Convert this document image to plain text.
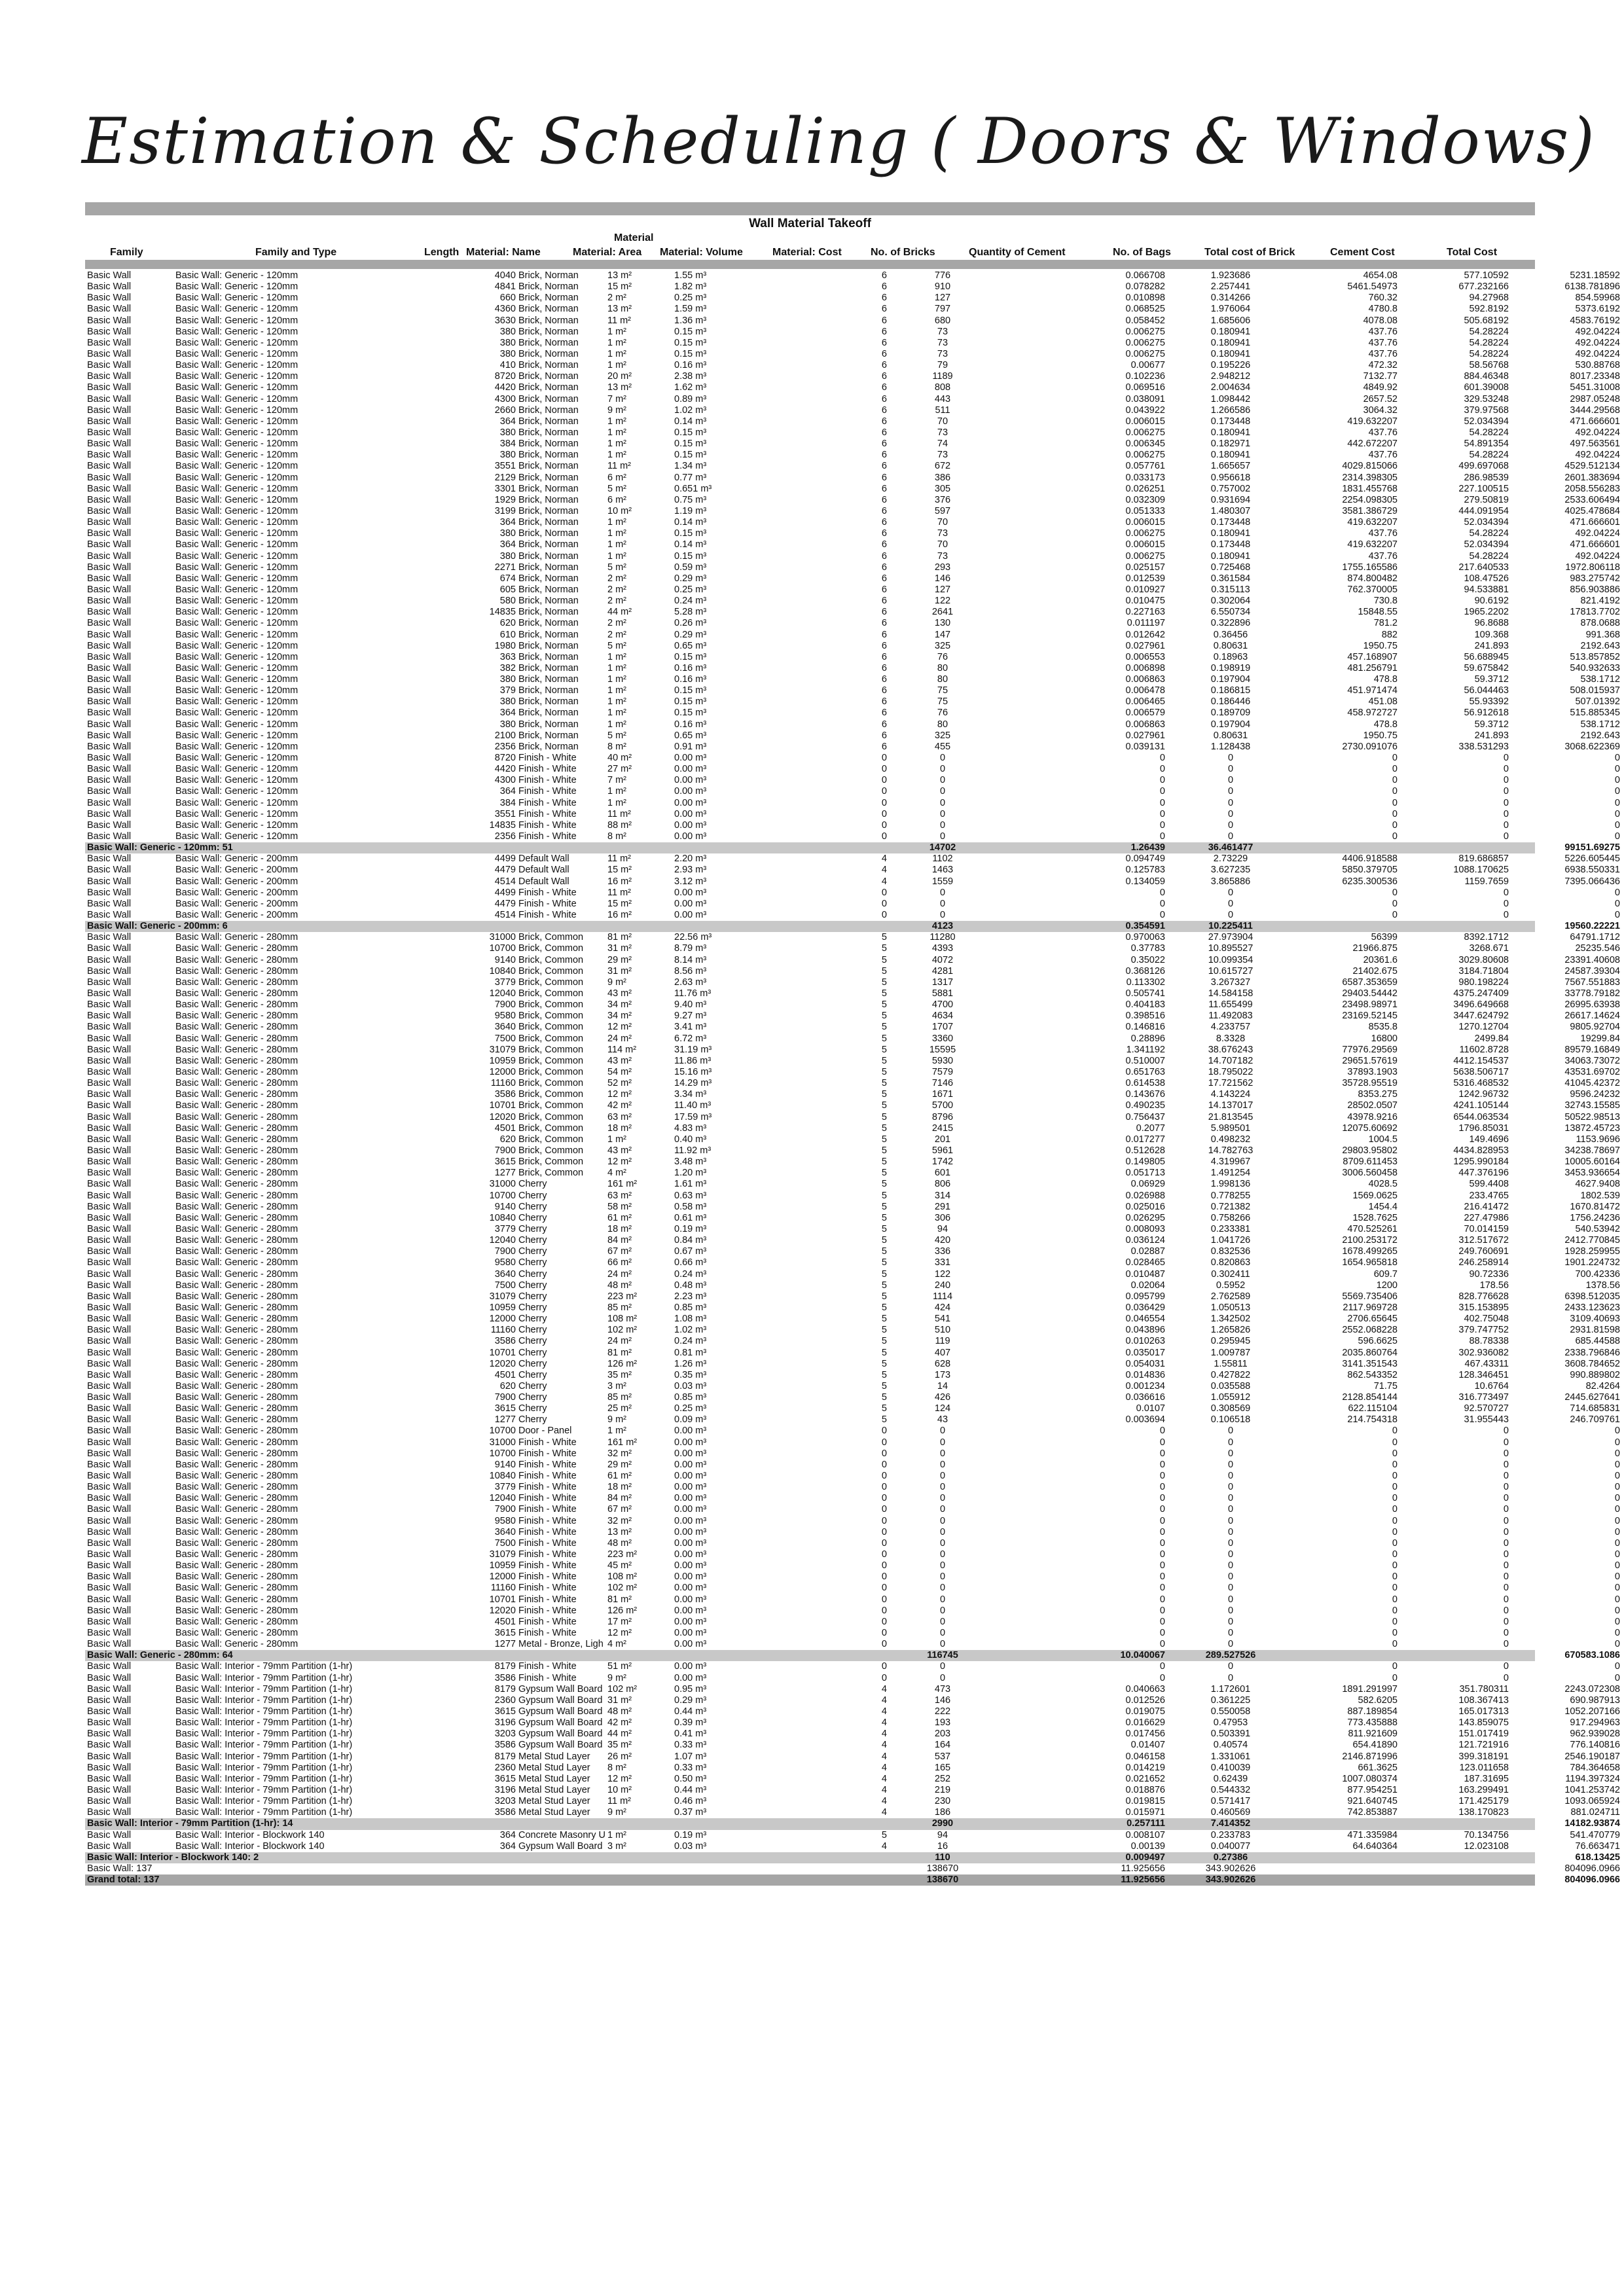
Estimation & Scheduling ( Doors & Windows)
Wall Material Takeoff
Material
Family	Family and Type	Length Material: Name	Material: Area Material: Volume	Material: Cost	No. of Bricks	Quantity of Cement	No. of Bags	Total cost of Brick	Cement Cost	Total Cost
Basic Wall	Basic Wall: Generic - 120mm	4040 Brick, Norman	13 m²	1.55 m³	6	776	0.066708	1.923686	4654.08	577.10592	5231.18592
Basic Wall	Basic Wall: Generic - 120mm	4841 Brick, Norman	15 m²	1.82 m³	6	910	0.078282	2.257441	5461.54973	677.232166	6138.781896
Basic Wall	Basic Wall: Generic - 120mm	660 Brick, Norman	2 m²	0.25 m³	6	127	0.010898	0.314266	760.32	94.27968	854.59968
Basic Wall	Basic Wall: Generic - 120mm	4360 Brick, Norman	13 m²	1.59 m³	6	797	0.068525	1.976064	4780.8	592.8192	5373.6192
Basic Wall	Basic Wall: Generic - 120mm	3630 Brick, Norman	11 m²	1.36 m³	6	680	0.058452	1.685606	4078.08	505.68192	4583.76192
Basic Wall	Basic Wall: Generic - 120mm	380 Brick, Norman	1 m²	0.15 m³	6	73	0.006275	0.180941	437.76	54.28224	492.04224
Basic Wall	Basic Wall: Generic - 120mm	380 Brick, Norman	1 m²	0.15 m³	6	73	0.006275	0.180941	437.76	54.28224	492.04224
Basic Wall	Basic Wall: Generic - 120mm	380 Brick, Norman	1 m²	0.15 m³	6	73	0.006275	0.180941	437.76	54.28224	492.04224
Basic Wall	Basic Wall: Generic - 120mm	410 Brick, Norman	1 m²	0.16 m³	6	79	0.00677	0.195226	472.32	58.56768	530.88768
Basic Wall	Basic Wall: Generic - 120mm	8720 Brick, Norman	20 m²	2.38 m³	6	1189	0.102236	2.948212	7132.77	884.46348	8017.23348
Basic Wall	Basic Wall: Generic - 120mm	4420 Brick, Norman	13 m²	1.62 m³	6	808	0.069516	2.004634	4849.92	601.39008	5451.31008
Basic Wall	Basic Wall: Generic - 120mm	4300 Brick, Norman	7 m²	0.89 m³	6	443	0.038091	1.098442	2657.52	329.53248	2987.05248
Basic Wall	Basic Wall: Generic - 120mm	2660 Brick, Norman	9 m²	1.02 m³	6	511	0.043922	1.266586	3064.32	379.97568	3444.29568
Basic Wall	Basic Wall: Generic - 120mm	364 Brick, Norman	1 m²	0.14 m³	6	70	0.006015	0.173448	419.632207	52.034394	471.666601
Basic Wall	Basic Wall: Generic - 120mm	380 Brick, Norman	1 m²	0.15 m³	6	73	0.006275	0.180941	437.76	54.28224	492.04224
Basic Wall	Basic Wall: Generic - 120mm	384 Brick, Norman	1 m²	0.15 m³	6	74	0.006345	0.182971	442.672207	54.891354	497.563561
Basic Wall	Basic Wall: Generic - 120mm	380 Brick, Norman	1 m²	0.15 m³	6	73	0.006275	0.180941	437.76	54.28224	492.04224
Basic Wall	Basic Wall: Generic - 120mm	3551 Brick, Norman	11 m²	1.34 m³	6	672	0.057761	1.665657	4029.815066	499.697068	4529.512134
Basic Wall	Basic Wall: Generic - 120mm	2129 Brick, Norman	6 m²	0.77 m³	6	386	0.033173	0.956618	2314.398305	286.98539	2601.383694
Basic Wall	Basic Wall: Generic - 120mm	3301 Brick, Norman	5 m²	0.651 m³	6	305	0.026251	0.757002	1831.455768	227.100515	2058.556283
Basic Wall	Basic Wall: Generic - 120mm	1929 Brick, Norman	6 m²	0.75 m³	6	376	0.032309	0.931694	2254.098305	279.50819	2533.606494
Basic Wall	Basic Wall: Generic - 120mm	3199 Brick, Norman	10 m²	1.19 m³	6	597	0.051333	1.480307	3581.386729	444.091954	4025.478684
Basic Wall	Basic Wall: Generic - 120mm	364 Brick, Norman	1 m²	0.14 m³	6	70	0.006015	0.173448	419.632207	52.034394	471.666601
Basic Wall	Basic Wall: Generic - 120mm	380 Brick, Norman	1 m²	0.15 m³	6	73	0.006275	0.180941	437.76	54.28224	492.04224
Basic Wall	Basic Wall: Generic - 120mm	364 Brick, Norman	1 m²	0.14 m³	6	70	0.006015	0.173448	419.632207	52.034394	471.666601
Basic Wall	Basic Wall: Generic - 120mm	380 Brick, Norman	1 m²	0.15 m³	6	73	0.006275	0.180941	437.76	54.28224	492.04224
Basic Wall	Basic Wall: Generic - 120mm	2271 Brick, Norman	5 m²	0.59 m³	6	293	0.025157	0.725468	1755.165586	217.640533	1972.806118
Basic Wall	Basic Wall: Generic - 120mm	674 Brick, Norman	2 m²	0.29 m³	6	146	0.012539	0.361584	874.800482	108.47526	983.275742
Basic Wall	Basic Wall: Generic - 120mm	605 Brick, Norman	2 m²	0.25 m³	6	127	0.010927	0.315113	762.370005	94.533881	856.903886
Basic Wall	Basic Wall: Generic - 120mm	580 Brick, Norman	2 m²	0.24 m³	6	122	0.010475	0.302064	730.8	90.6192	821.4192
Basic Wall	Basic Wall: Generic - 120mm	14835 Brick, Norman	44 m²	5.28 m³	6	2641	0.227163	6.550734	15848.55	1965.2202	17813.7702
Basic Wall	Basic Wall: Generic - 120mm	620 Brick, Norman	2 m²	0.26 m³	6	130	0.011197	0.322896	781.2	96.8688	878.0688
Basic Wall	Basic Wall: Generic - 120mm	610 Brick, Norman	2 m²	0.29 m³	6	147	0.012642	0.36456	882	109.368	991.368
Basic Wall	Basic Wall: Generic - 120mm	1980 Brick, Norman	5 m²	0.65 m³	6	325	0.027961	0.80631	1950.75	241.893	2192.643
Basic Wall	Basic Wall: Generic - 120mm	363 Brick, Norman	1 m²	0.15 m³	6	76	0.006553	0.18963	457.168907	56.688945	513.857852
Basic Wall	Basic Wall: Generic - 120mm	382 Brick, Norman	1 m²	0.16 m³	6	80	0.006898	0.198919	481.256791	59.675842	540.932633
Basic Wall	Basic Wall: Generic - 120mm	380 Brick, Norman	1 m²	0.16 m³	6	80	0.006863	0.197904	478.8	59.3712	538.1712
Basic Wall	Basic Wall: Generic - 120mm	379 Brick, Norman	1 m²	0.15 m³	6	75	0.006478	0.186815	451.971474	56.044463	508.015937
Basic Wall	Basic Wall: Generic - 120mm	380 Brick, Norman	1 m²	0.15 m³	6	75	0.006465	0.186446	451.08	55.93392	507.01392
Basic Wall	Basic Wall: Generic - 120mm	364 Brick, Norman	1 m²	0.15 m³	6	76	0.006579	0.189709	458.972727	56.912618	515.885345
Basic Wall	Basic Wall: Generic - 120mm	380 Brick, Norman	1 m²	0.16 m³	6	80	0.006863	0.197904	478.8	59.3712	538.1712
Basic Wall	Basic Wall: Generic - 120mm	2100 Brick, Norman	5 m²	0.65 m³	6	325	0.027961	0.80631	1950.75	241.893	2192.643
Basic Wall	Basic Wall: Generic - 120mm	2356 Brick, Norman	8 m²	0.91 m³	6	455	0.039131	1.128438	2730.091076	338.531293	3068.622369
Basic Wall	Basic Wall: Generic - 120mm	8720 Finish - White	40 m²	0.00 m³	0	0	0	0	0	0	0
Basic Wall	Basic Wall: Generic - 120mm	4420 Finish - White	27 m²	0.00 m³	0	0	0	0	0	0	0
Basic Wall	Basic Wall: Generic - 120mm	4300 Finish - White	7 m²	0.00 m³	0	0	0	0	0	0	0
Basic Wall	Basic Wall: Generic - 120mm	364 Finish - White	1 m²	0.00 m³	0	0	0	0	0	0	0
Basic Wall	Basic Wall: Generic - 120mm	384 Finish - White	1 m²	0.00 m³	0	0	0	0	0	0	0
Basic Wall	Basic Wall: Generic - 120mm	3551 Finish - White	11 m²	0.00 m³	0	0	0	0	0	0	0
Basic Wall	Basic Wall: Generic - 120mm	14835 Finish - White	88 m²	0.00 m³	0	0	0	0	0	0	0
Basic Wall	Basic Wall: Generic - 120mm	2356 Finish - White	8 m²	0.00 m³	0	0	0	0	0	0	0
Basic Wall: Generic - 120mm: 51	14702	1.26439	36.461477	99151.69275
Basic Wall	Basic Wall: Generic - 200mm	4499 Default Wall	11 m²	2.20 m³	4	1102	0.094749	2.73229	4406.918588	819.686857	5226.605445
Basic Wall	Basic Wall: Generic - 200mm	4479 Default Wall	15 m²	2.93 m³	4	1463	0.125783	3.627235	5850.379705	1088.170625	6938.550331
Basic Wall	Basic Wall: Generic - 200mm	4514 Default Wall	16 m²	3.12 m³	4	1559	0.134059	3.865886	6235.300536	1159.7659	7395.066436
Basic Wall	Basic Wall: Generic - 200mm	4499 Finish - White	11 m²	0.00 m³	0	0	0	0	0	0	0
Basic Wall	Basic Wall: Generic - 200mm	4479 Finish - White	15 m²	0.00 m³	0	0	0	0	0	0	0
Basic Wall	Basic Wall: Generic - 200mm	4514 Finish - White	16 m²	0.00 m³	0	0	0	0	0	0	0
Basic Wall: Generic - 200mm: 6	4123	0.354591	10.225411	19560.22221
Basic Wall	Basic Wall: Generic - 280mm	31000 Brick, Common	81 m²	22.56 m³	5	11280	0.970063	27.973904	56399	8392.1712	64791.1712
Basic Wall	Basic Wall: Generic - 280mm	10700 Brick, Common	31 m²	8.79 m³	5	4393	0.37783	10.895527	21966.875	3268.671	25235.546
Basic Wall	Basic Wall: Generic - 280mm	9140 Brick, Common	29 m²	8.14 m³	5	4072	0.35022	10.099354	20361.6	3029.80608	23391.40608
Basic Wall	Basic Wall: Generic - 280mm	10840 Brick, Common	31 m²	8.56 m³	5	4281	0.368126	10.615727	21402.675	3184.71804	24587.39304
Basic Wall	Basic Wall: Generic - 280mm	3779 Brick, Common	9 m²	2.63 m³	5	1317	0.113302	3.267327	6587.353659	980.198224	7567.551883
Basic Wall	Basic Wall: Generic - 280mm	12040 Brick, Common	43 m²	11.76 m³	5	5881	0.505741	14.584158	29403.54442	4375.247409	33778.79182
Basic Wall	Basic Wall: Generic - 280mm	7900 Brick, Common	34 m²	9.40 m³	5	4700	0.404183	11.655499	23498.98971	3496.649668	26995.63938
Basic Wall	Basic Wall: Generic - 280mm	9580 Brick, Common	34 m²	9.27 m³	5	4634	0.398516	11.492083	23169.52145	3447.624792	26617.14624
Basic Wall	Basic Wall: Generic - 280mm	3640 Brick, Common	12 m²	3.41 m³	5	1707	0.146816	4.233757	8535.8	1270.12704	9805.92704
Basic Wall	Basic Wall: Generic - 280mm	7500 Brick, Common	24 m²	6.72 m³	5	3360	0.28896	8.3328	16800	2499.84	19299.84
Basic Wall	Basic Wall: Generic - 280mm	31079 Brick, Common	114 m²	31.19 m³	5	15595	1.341192	38.676243	77976.29569	11602.8728	89579.16849
Basic Wall	Basic Wall: Generic - 280mm	10959 Brick, Common	43 m²	11.86 m³	5	5930	0.510007	14.707182	29651.57619	4412.154537	34063.73072
Basic Wall	Basic Wall: Generic - 280mm	12000 Brick, Common	54 m²	15.16 m³	5	7579	0.651763	18.795022	37893.1903	5638.506717	43531.69702
Basic Wall	Basic Wall: Generic - 280mm	11160 Brick, Common	52 m²	14.29 m³	5	7146	0.614538	17.721562	35728.95519	5316.468532	41045.42372
Basic Wall	Basic Wall: Generic - 280mm	3586 Brick, Common	12 m²	3.34 m³	5	1671	0.143676	4.143224	8353.275	1242.96732	9596.24232
Basic Wall	Basic Wall: Generic - 280mm	10701 Brick, Common	42 m²	11.40 m³	5	5700	0.490235	14.137017	28502.0507	4241.105144	32743.15585
Basic Wall	Basic Wall: Generic - 280mm	12020 Brick, Common	63 m²	17.59 m³	5	8796	0.756437	21.813545	43978.9216	6544.063534	50522.98513
Basic Wall	Basic Wall: Generic - 280mm	4501 Brick, Common	18 m²	4.83 m³	5	2415	0.2077	5.989501	12075.60692	1796.85031	13872.45723
Basic Wall	Basic Wall: Generic - 280mm	620 Brick, Common	1 m²	0.40 m³	5	201	0.017277	0.498232	1004.5	149.4696	1153.9696
Basic Wall	Basic Wall: Generic - 280mm	7900 Brick, Common	43 m²	11.92 m³	5	5961	0.512628	14.782763	29803.95802	4434.828953	34238.78697
Basic Wall	Basic Wall: Generic - 280mm	3615 Brick, Common	12 m²	3.48 m³	5	1742	0.149805	4.319967	8709.611453	1295.990184	10005.60164
Basic Wall	Basic Wall: Generic - 280mm	1277 Brick, Common	4 m²	1.20 m³	5	601	0.051713	1.491254	3006.560458	447.376196	3453.936654
Basic Wall	Basic Wall: Generic - 280mm	31000 Cherry	161 m²	1.61 m³	5	806	0.06929	1.998136	4028.5	599.4408	4627.9408
Basic Wall	Basic Wall: Generic - 280mm	10700 Cherry	63 m²	0.63 m³	5	314	0.026988	0.778255	1569.0625	233.4765	1802.539
Basic Wall	Basic Wall: Generic - 280mm	9140 Cherry	58 m²	0.58 m³	5	291	0.025016	0.721382	1454.4	216.41472	1670.81472
Basic Wall	Basic Wall: Generic - 280mm	10840 Cherry	61 m²	0.61 m³	5	306	0.026295	0.758266	1528.7625	227.47986	1756.24236
Basic Wall	Basic Wall: Generic - 280mm	3779 Cherry	18 m²	0.19 m³	5	94	0.008093	0.233381	470.525261	70.014159	540.53942
Basic Wall	Basic Wall: Generic - 280mm	12040 Cherry	84 m²	0.84 m³	5	420	0.036124	1.041726	2100.253172	312.517672	2412.770845
Basic Wall	Basic Wall: Generic - 280mm	7900 Cherry	67 m²	0.67 m³	5	336	0.02887	0.832536	1678.499265	249.760691	1928.259955
Basic Wall	Basic Wall: Generic - 280mm	9580 Cherry	66 m²	0.66 m³	5	331	0.028465	0.820863	1654.965818	246.258914	1901.224732
Basic Wall	Basic Wall: Generic - 280mm	3640 Cherry	24 m²	0.24 m³	5	122	0.010487	0.302411	609.7	90.72336	700.42336
Basic Wall	Basic Wall: Generic - 280mm	7500 Cherry	48 m²	0.48 m³	5	240	0.02064	0.5952	1200	178.56	1378.56
Basic Wall	Basic Wall: Generic - 280mm	31079 Cherry	223 m²	2.23 m³	5	1114	0.095799	2.762589	5569.735406	828.776628	6398.512035
Basic Wall	Basic Wall: Generic - 280mm	10959 Cherry	85 m²	0.85 m³	5	424	0.036429	1.050513	2117.969728	315.153895	2433.123623
Basic Wall	Basic Wall: Generic - 280mm	12000 Cherry	108 m²	1.08 m³	5	541	0.046554	1.342502	2706.65645	402.75048	3109.40693
Basic Wall	Basic Wall: Generic - 280mm	11160 Cherry	102 m²	1.02 m³	5	510	0.043896	1.265826	2552.068228	379.747752	2931.81598
Basic Wall	Basic Wall: Generic - 280mm	3586 Cherry	24 m²	0.24 m³	5	119	0.010263	0.295945	596.6625	88.78338	685.44588
Basic Wall	Basic Wall: Generic - 280mm	10701 Cherry	81 m²	0.81 m³	5	407	0.035017	1.009787	2035.860764	302.936082	2338.796846
Basic Wall	Basic Wall: Generic - 280mm	12020 Cherry	126 m²	1.26 m³	5	628	0.054031	1.55811	3141.351543	467.43311	3608.784652
Basic Wall	Basic Wall: Generic - 280mm	4501 Cherry	35 m²	0.35 m³	5	173	0.014836	0.427822	862.543352	128.346451	990.889802
Basic Wall	Basic Wall: Generic - 280mm	620 Cherry	3 m²	0.03 m³	5	14	0.001234	0.035588	71.75	10.6764	82.4264
Basic Wall	Basic Wall: Generic - 280mm	7900 Cherry	85 m²	0.85 m³	5	426	0.036616	1.055912	2128.854144	316.773497	2445.627641
Basic Wall	Basic Wall: Generic - 280mm	3615 Cherry	25 m²	0.25 m³	5	124	0.0107	0.308569	622.115104	92.570727	714.685831
Basic Wall	Basic Wall: Generic - 280mm	1277 Cherry	9 m²	0.09 m³	5	43	0.003694	0.106518	214.754318	31.955443	246.709761
Basic Wall	Basic Wall: Generic - 280mm	10700 Door - Panel	1 m²	0.00 m³	0	0	0	0	0	0	0
Basic Wall	Basic Wall: Generic - 280mm	31000 Finish - White	161 m²	0.00 m³	0	0	0	0	0	0	0
Basic Wall	Basic Wall: Generic - 280mm	10700 Finish - White	32 m²	0.00 m³	0	0	0	0	0	0	0
Basic Wall	Basic Wall: Generic - 280mm	9140 Finish - White	29 m²	0.00 m³	0	0	0	0	0	0	0
Basic Wall	Basic Wall: Generic - 280mm	10840 Finish - White	61 m²	0.00 m³	0	0	0	0	0	0	0
Basic Wall	Basic Wall: Generic - 280mm	3779 Finish - White	18 m²	0.00 m³	0	0	0	0	0	0	0
Basic Wall	Basic Wall: Generic - 280mm	12040 Finish - White	84 m²	0.00 m³	0	0	0	0	0	0	0
Basic Wall	Basic Wall: Generic - 280mm	7900 Finish - White	67 m²	0.00 m³	0	0	0	0	0	0	0
Basic Wall	Basic Wall: Generic - 280mm	9580 Finish - White	32 m²	0.00 m³	0	0	0	0	0	0	0
Basic Wall	Basic Wall: Generic - 280mm	3640 Finish - White	13 m²	0.00 m³	0	0	0	0	0	0	0
Basic Wall	Basic Wall: Generic - 280mm	7500 Finish - White	48 m²	0.00 m³	0	0	0	0	0	0	0
Basic Wall	Basic Wall: Generic - 280mm	31079 Finish - White	223 m²	0.00 m³	0	0	0	0	0	0	0
Basic Wall	Basic Wall: Generic - 280mm	10959 Finish - White	45 m²	0.00 m³	0	0	0	0	0	0	0
Basic Wall	Basic Wall: Generic - 280mm	12000 Finish - White	108 m²	0.00 m³	0	0	0	0	0	0	0
Basic Wall	Basic Wall: Generic - 280mm	11160 Finish - White	102 m²	0.00 m³	0	0	0	0	0	0	0
Basic Wall	Basic Wall: Generic - 280mm	10701 Finish - White	81 m²	0.00 m³	0	0	0	0	0	0	0
Basic Wall	Basic Wall: Generic - 280mm	12020 Finish - White	126 m²	0.00 m³	0	0	0	0	0	0	0
Basic Wall	Basic Wall: Generic - 280mm	4501 Finish - White	17 m²	0.00 m³	0	0	0	0	0	0	0
Basic Wall	Basic Wall: Generic - 280mm	3615 Finish - White	12 m²	0.00 m³	0	0	0	0	0	0	0
Basic Wall	Basic Wall: Generic - 280mm	1277 Metal - Bronze, Ligh 4 m²	0.00 m³	0	0	0	0	0	0	0
Basic Wall: Generic - 280mm: 64	116745	10.040067	289.527526	670583.1086
Basic Wall	Basic Wall: Interior - 79mm Partition (1-hr)	8179 Finish - White	51 m²	0.00 m³	0	0	0	0	0	0	0
Basic Wall	Basic Wall: Interior - 79mm Partition (1-hr)	3586 Finish - White	9 m²	0.00 m³	0	0	0	0	0	0	0
Basic Wall	Basic Wall: Interior - 79mm Partition (1-hr)	8179 Gypsum Wall Board 102 m²	0.95 m³	4	473	0.040663	1.172601	1891.291997	351.780311	2243.072308
Basic Wall	Basic Wall: Interior - 79mm Partition (1-hr)	2360 Gypsum Wall Board 31 m²	0.29 m³	4	146	0.012526	0.361225	582.6205	108.367413	690.987913
Basic Wall	Basic Wall: Interior - 79mm Partition (1-hr)	3615 Gypsum Wall Board 48 m²	0.44 m³	4	222	0.019075	0.550058	887.189854	165.017313	1052.207166
Basic Wall	Basic Wall: Interior - 79mm Partition (1-hr)	3196 Gypsum Wall Board 42 m²	0.39 m³	4	193	0.016629	0.47953	773.435888	143.859075	917.294963
Basic Wall	Basic Wall: Interior - 79mm Partition (1-hr)	3203 Gypsum Wall Board 44 m²	0.41 m³	4	203	0.017456	0.503391	811.921609	151.017419	962.939028
Basic Wall	Basic Wall: Interior - 79mm Partition (1-hr)	3586 Gypsum Wall Board 35 m²	0.33 m³	4	164	0.01407	0.40574	654.41890	121.721916	776.140816
Basic Wall	Basic Wall: Interior - 79mm Partition (1-hr)	8179 Metal Stud Layer	26 m²	1.07 m³	4	537	0.046158	1.331061	2146.871996	399.318191	2546.190187
Basic Wall	Basic Wall: Interior - 79mm Partition (1-hr)	2360 Metal Stud Layer	8 m²	0.33 m³	4	165	0.014219	0.410039	661.3625	123.011658	784.364658
Basic Wall	Basic Wall: Interior - 79mm Partition (1-hr)	3615 Metal Stud Layer	12 m²	0.50 m³	4	252	0.021652	0.62439	1007.080374	187.31695	1194.397324
Basic Wall	Basic Wall: Interior - 79mm Partition (1-hr)	3196 Metal Stud Layer	10 m²	0.44 m³	4	219	0.018876	0.544332	877.954251	163.299491	1041.253742
Basic Wall	Basic Wall: Interior - 79mm Partition (1-hr)	3203 Metal Stud Layer	11 m²	0.46 m³	4	230	0.019815	0.571417	921.640745	171.425179	1093.065924
Basic Wall	Basic Wall: Interior - 79mm Partition (1-hr)	3586 Metal Stud Layer	9 m²	0.37 m³	4	186	0.015971	0.460569	742.853887	138.170823	881.024711
Basic Wall: Interior - 79mm Partition (1-hr): 14	2990	0.257111	7.414352	14182.93874
Basic Wall	Basic Wall: Interior - Blockwork 140	364 Concrete Masonry U 1 m²	0.19 m³	5	94	0.008107	0.233783	471.335984	70.134756	541.470779
Basic Wall	Basic Wall: Interior - Blockwork 140	364 Gypsum Wall Board 3 m²	0.03 m³	4	16	0.00139	0.040077	64.640364	12.023108	76.663471
Basic Wall: Interior - Blockwork 140: 2	110	0.009497	0.27386	618.13425
Basic Wall: 137	138670	11.925656	343.902626	804096.0966
Grand total: 137	138670	11.925656	343.902626	804096.0966
